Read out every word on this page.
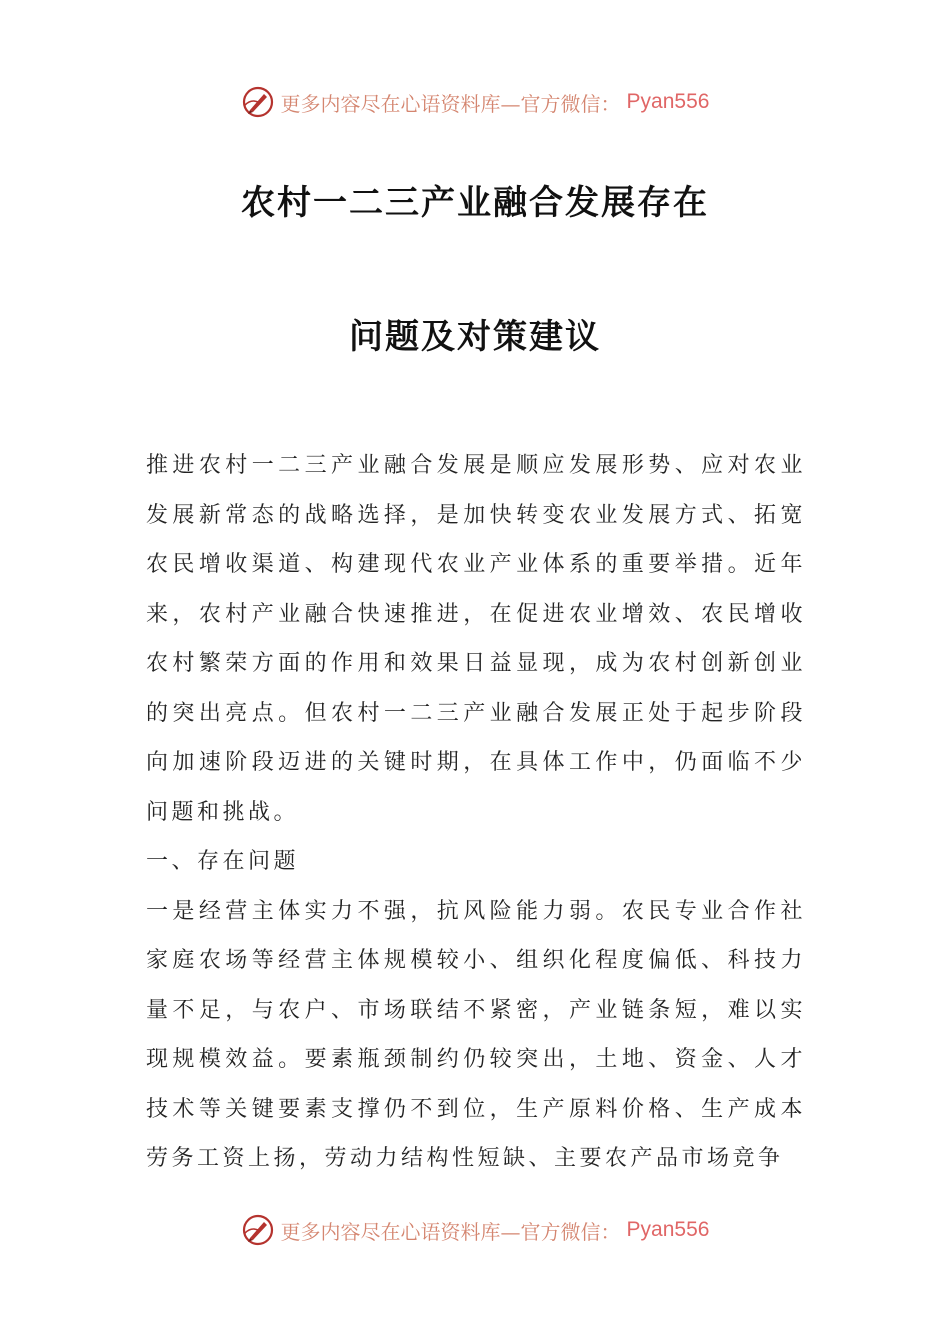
更多内容尽在心语资料库—官方微信： Pyan556
农村一二三产业融合发展存在
问题及对策建议

推进农村一二三产业融合发展是顺应发展形势、应对农业发展新常态的战略选择，是加快转变农业发展方式、拓宽农民增收渠道、构建现代农业产业体系的重要举措。近年来，农村产业融合快速推进，在促进农业增效、农民增收农村繁荣方面的作用和效果日益显现，成为农村创新创业的突出亮点。但农村一二三产业融合发展正处于起步阶段向加速阶段迈进的关键时期，在具体工作中，仍面临不少问题和挑战。

一、存在问题

一是经营主体实力不强，抗风险能力弱。农民专业合作社家庭农场等经营主体规模较小、组织化程度偏低、科技力量不足，与农户、市场联结不紧密，产业链条短，难以实现规模效益。要素瓶颈制约仍较突出，土地、资金、人才技术等关键要素支撑仍不到位，生产原料价格、生产成本劳务工资上扬，劳动力结构性短缺、主要农产品市场竞争

更多内容尽在心语资料库—官方微信： Pyan556
